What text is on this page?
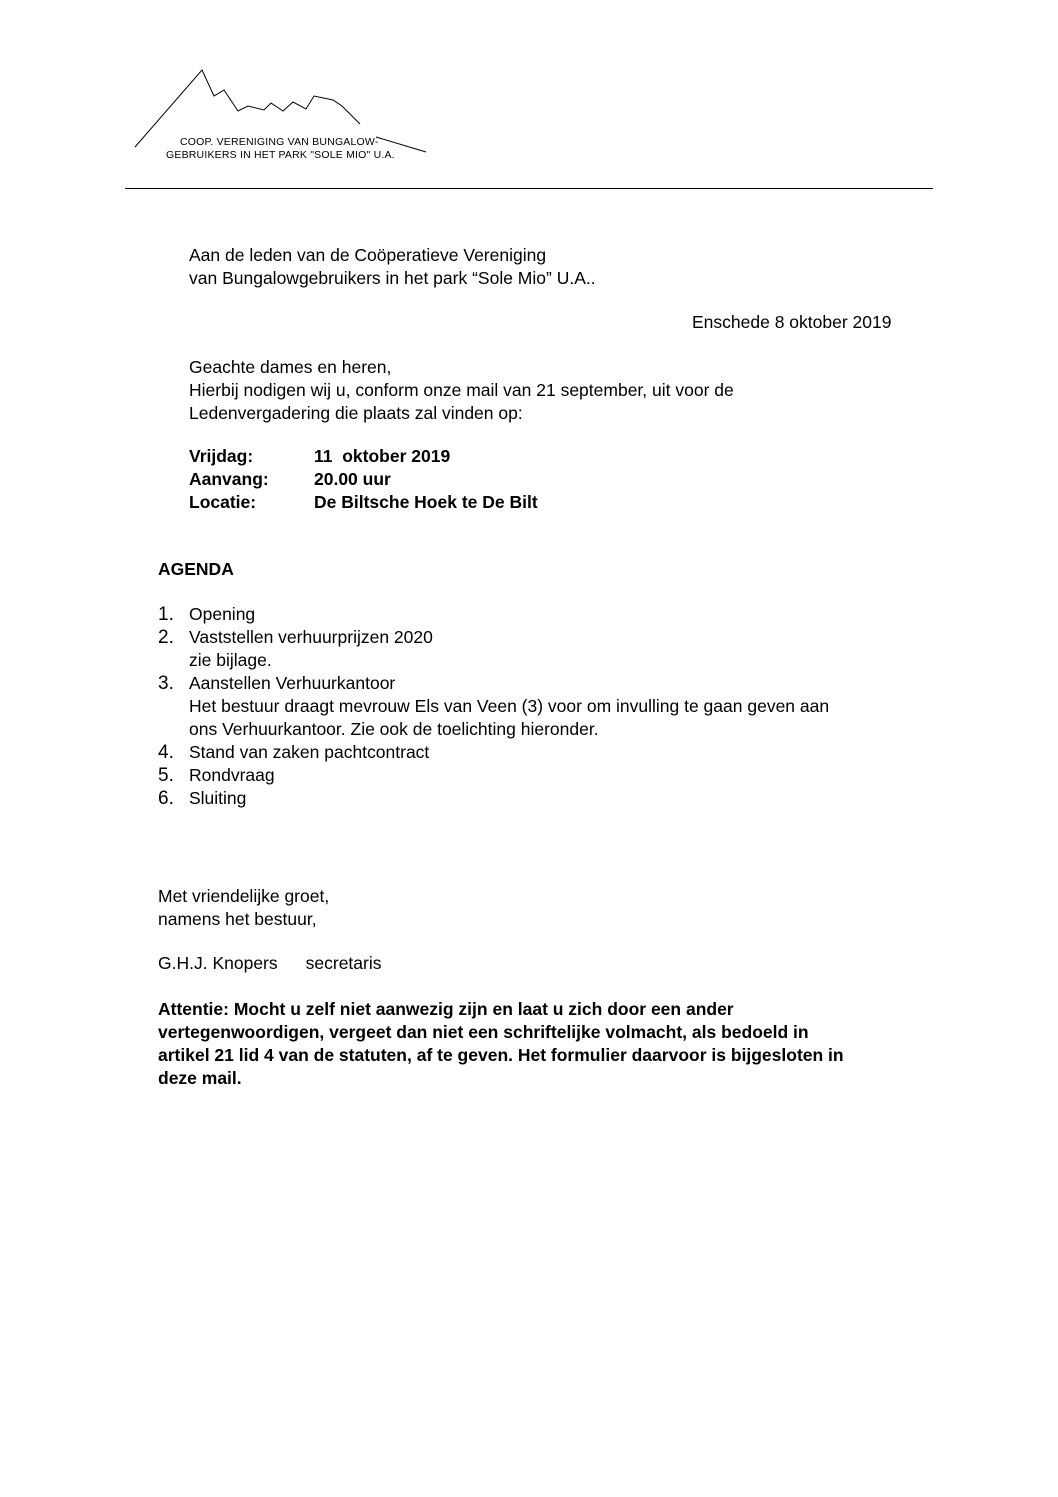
COOP. VERENIGING VAN BUNGALOW-
GEBRUIKERS IN HET PARK "SOLE MIO" U.A.
Aan de leden van de Coöperatieve Vereniging
van Bungalowgebruikers in het park “Sole Mio” U.A..
Enschede 8 oktober 2019
Geachte dames en heren,
Hierbij nodigen wij u, conform onze mail van 21 september, uit voor de
Ledenvergadering die plaats zal vinden op:
Vrijdag:	11  oktober 2019
Aanvang:	20.00 uur
Locatie:	De Biltsche Hoek te De Bilt
AGENDA
1. Opening
2. Vaststellen verhuurprijzen 2020
zie bijlage.
3. Aanstellen Verhuurkantoor
Het bestuur draagt mevrouw Els van Veen (3) voor om invulling te gaan geven aan
ons Verhuurkantoor. Zie ook de toelichting hieronder.
4. Stand van zaken pachtcontract
5. Rondvraag
6. Sluiting
Met vriendelijke groet,
namens het bestuur,
G.H.J. Knopers secretaris
Attentie: Mocht u zelf niet aanwezig zijn en laat u zich door een ander
vertegenwoordigen, vergeet dan niet een schriftelijke volmacht, als bedoeld in
artikel 21 lid 4 van de statuten, af te geven. Het formulier daarvoor is bijgesloten in
deze mail.
